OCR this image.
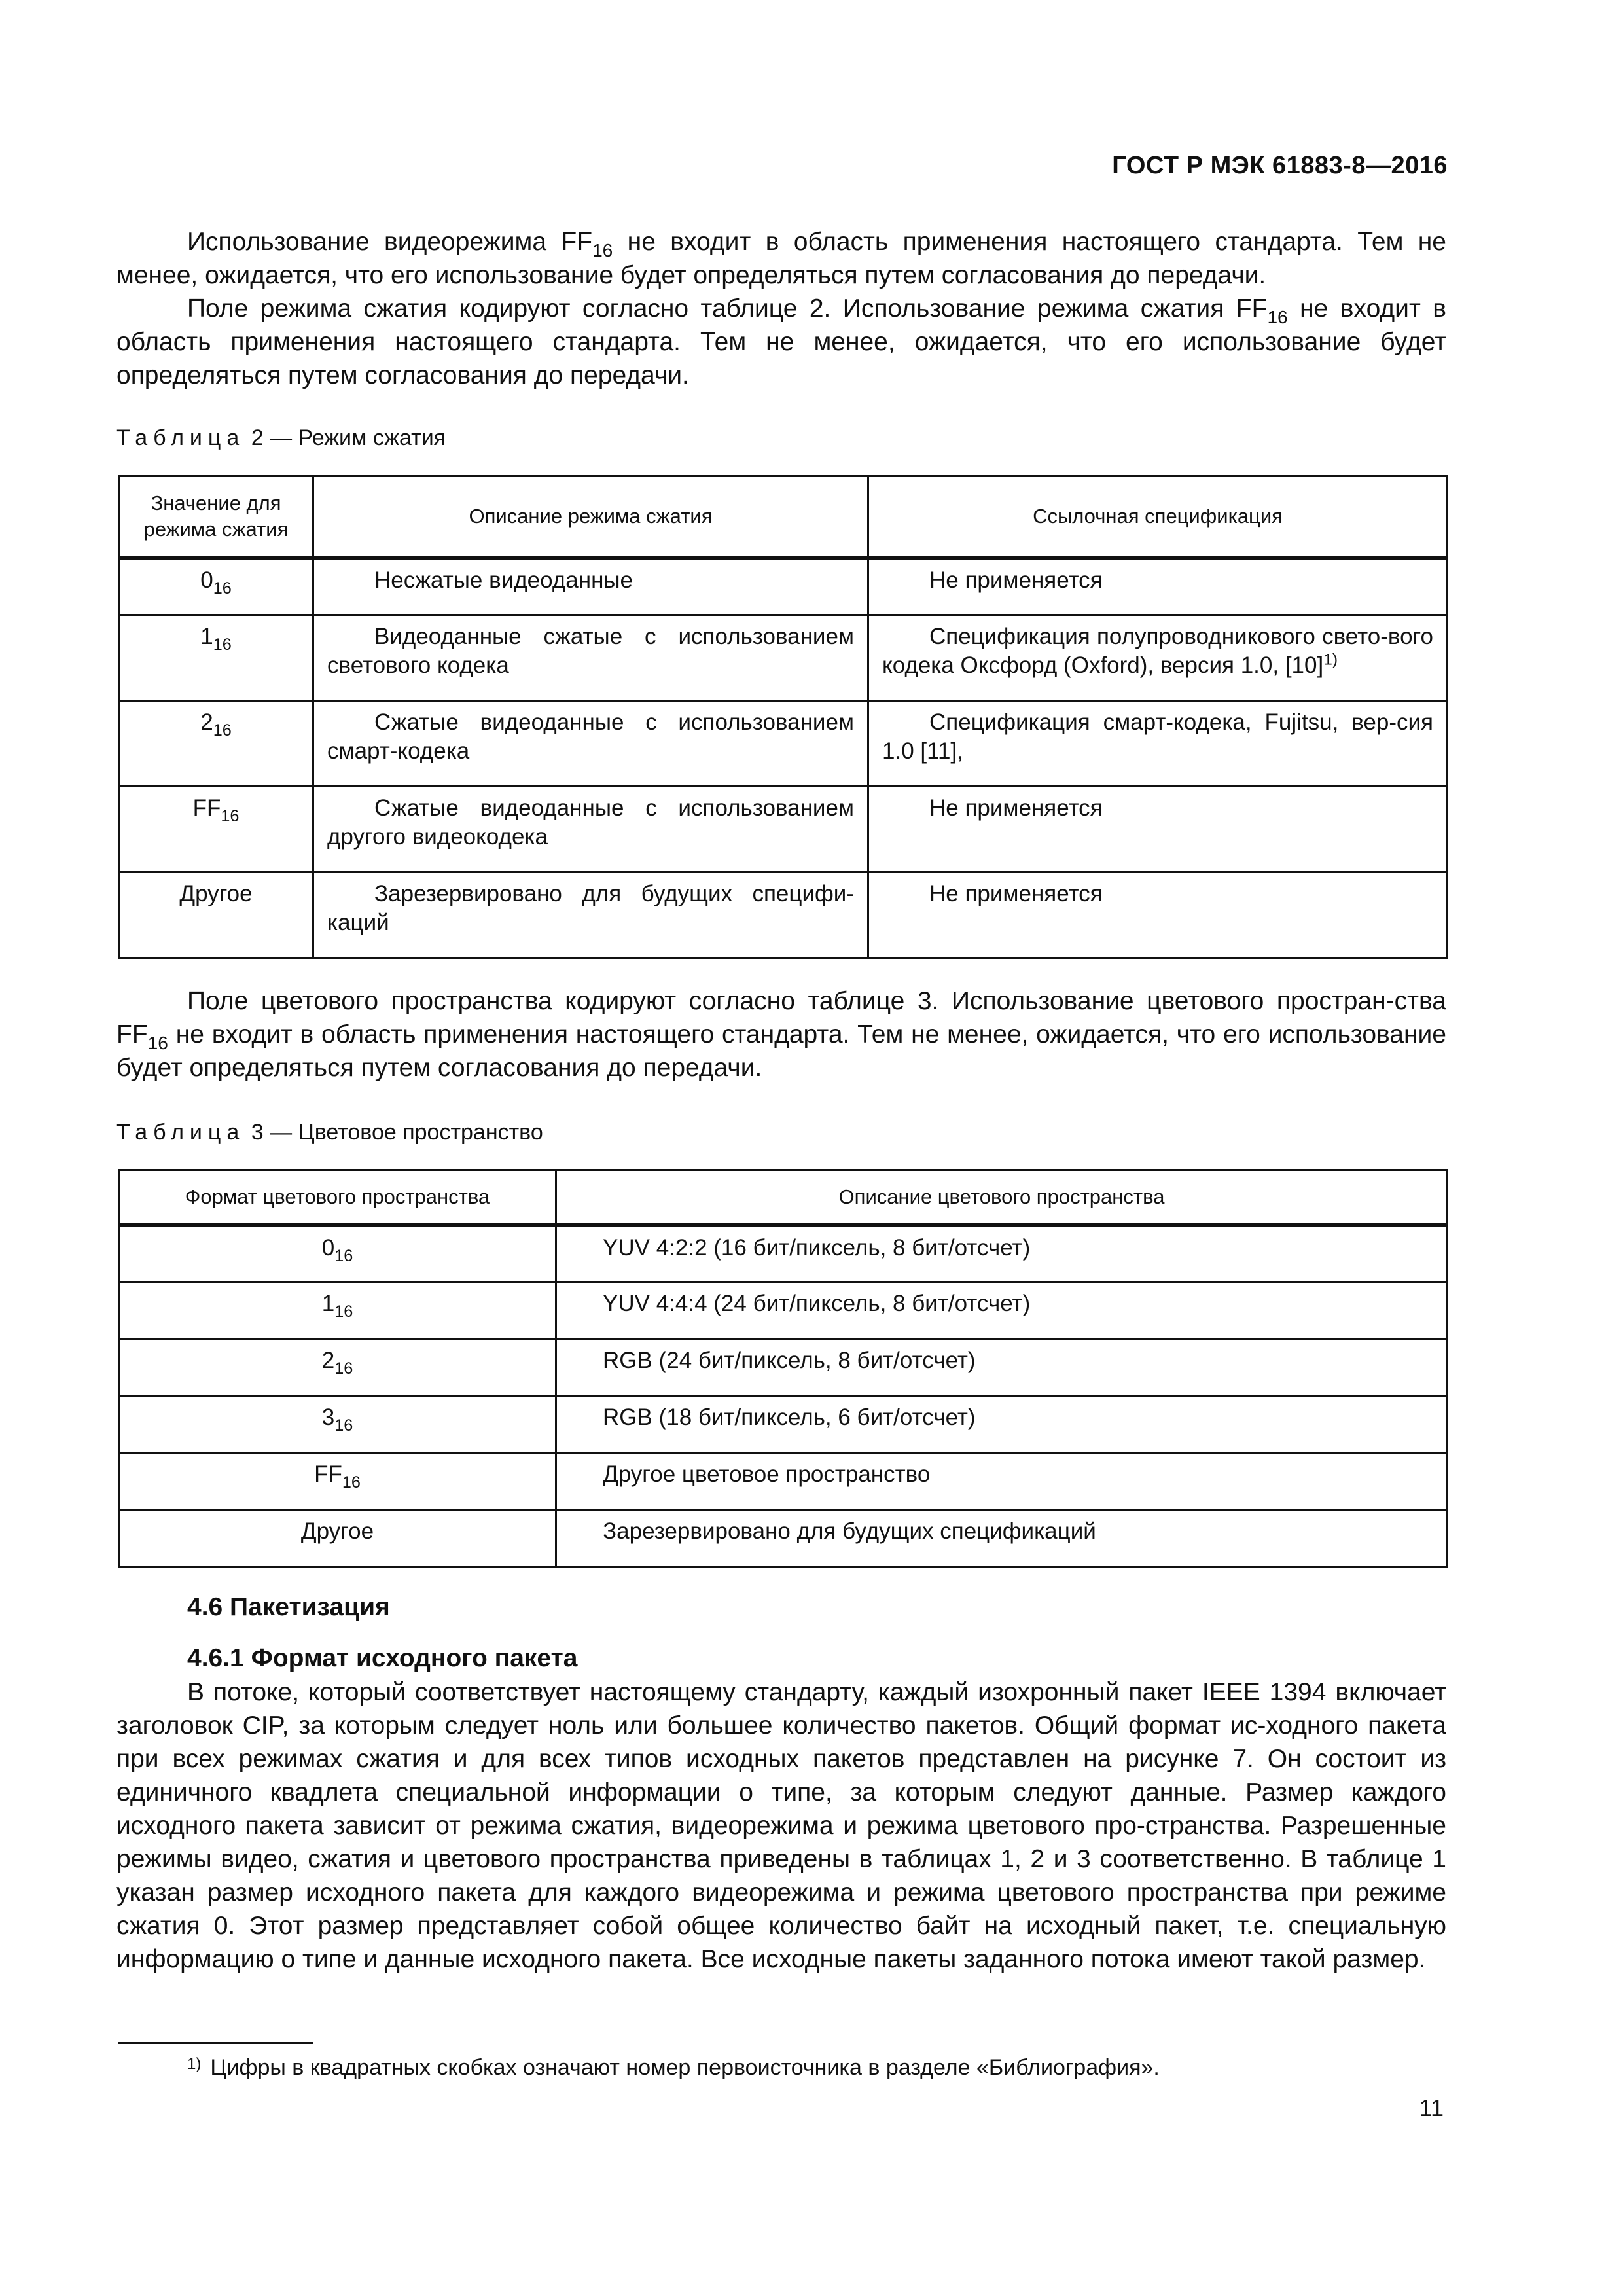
ГОСТ Р МЭК 61883-8—2016
Использование видеорежима $FF_{16}$ не входит в область применения настоящего стандарта. Тем не менее, ожидается, что его использование будет определяться путем согласования до передачи.
Поле режима сжатия кодируют согласно таблице 2. Использование режима сжатия $FF_{16}$ не входит в область применения настоящего стандарта. Тем не менее, ожидается, что его использование будет определяться путем согласования до передачи.
Таблица 2 — Режим сжатия
Значение для режима сжатия	Описание режима сжатия	Ссылочная спецификация
$0_{16}$	Несжатые видеоданные	Не применяется
$1_{16}$	Видеоданные сжатые с использованием светового кодека	Спецификация полупроводникового свето-вого кодека Оксфорд (Oxford), версия 1.0, $[10]^{1)}$
$2_{16}$	Сжатые видеоданные с использованием смарт-кодека	Спецификация смарт-кодека, Fujitsu, вер-сия 1.0 [11],
$FF_{16}$	Сжатые видеоданные с использованием другого видеокодека	Не применяется
Другое	Зарезервировано для будущих специфи-каций	Не применяется
Поле цветового пространства кодируют согласно таблице 3. Использование цветового простран-ства $FF_{16}$ не входит в область применения настоящего стандарта. Тем не менее, ожидается, что его использование будет определяться путем согласования до передачи.
Таблица 3 — Цветовое пространство
Формат цветового пространства	Описание цветового пространства
$0_{16}$	YUV 4:2:2 (16 бит/пиксель, 8 бит/отсчет)
$1_{16}$	YUV 4:4:4 (24 бит/пиксель, 8 бит/отсчет)
$2_{16}$	RGB (24 бит/пиксель, 8 бит/отсчет)
$3_{16}$	RGB (18 бит/пиксель, 6 бит/отсчет)
$FF_{16}$	Другое цветовое пространство
Другое	Зарезервировано для будущих спецификаций
4.6 Пакетизация
4.6.1 Формат исходного пакета
В потоке, который соответствует настоящему стандарту, каждый изохронный пакет IEEE 1394 включает заголовок CIP, за которым следует ноль или большее количество пакетов. Общий формат ис-ходного пакета при всех режимах сжатия и для всех типов исходных пакетов представлен на рисунке 7. Он состоит из единичного квадлета специальной информации о типе, за которым следуют данные. Размер каждого исходного пакета зависит от режима сжатия, видеорежима и режима цветового про-странства. Разрешенные режимы видео, сжатия и цветового пространства приведены в таблицах 1, 2 и 3 соответственно. В таблице 1 указан размер исходного пакета для каждого видеорежима и режима цветового пространства при режиме сжатия 0. Этот размер представляет собой общее количество байт на исходный пакет, т.е. специальную информацию о типе и данные исходного пакета. Все исходные пакеты заданного потока имеют такой размер.
$^{1)}$ Цифры в квадратных скобках означают номер первоисточника в разделе «Библиография».
11
